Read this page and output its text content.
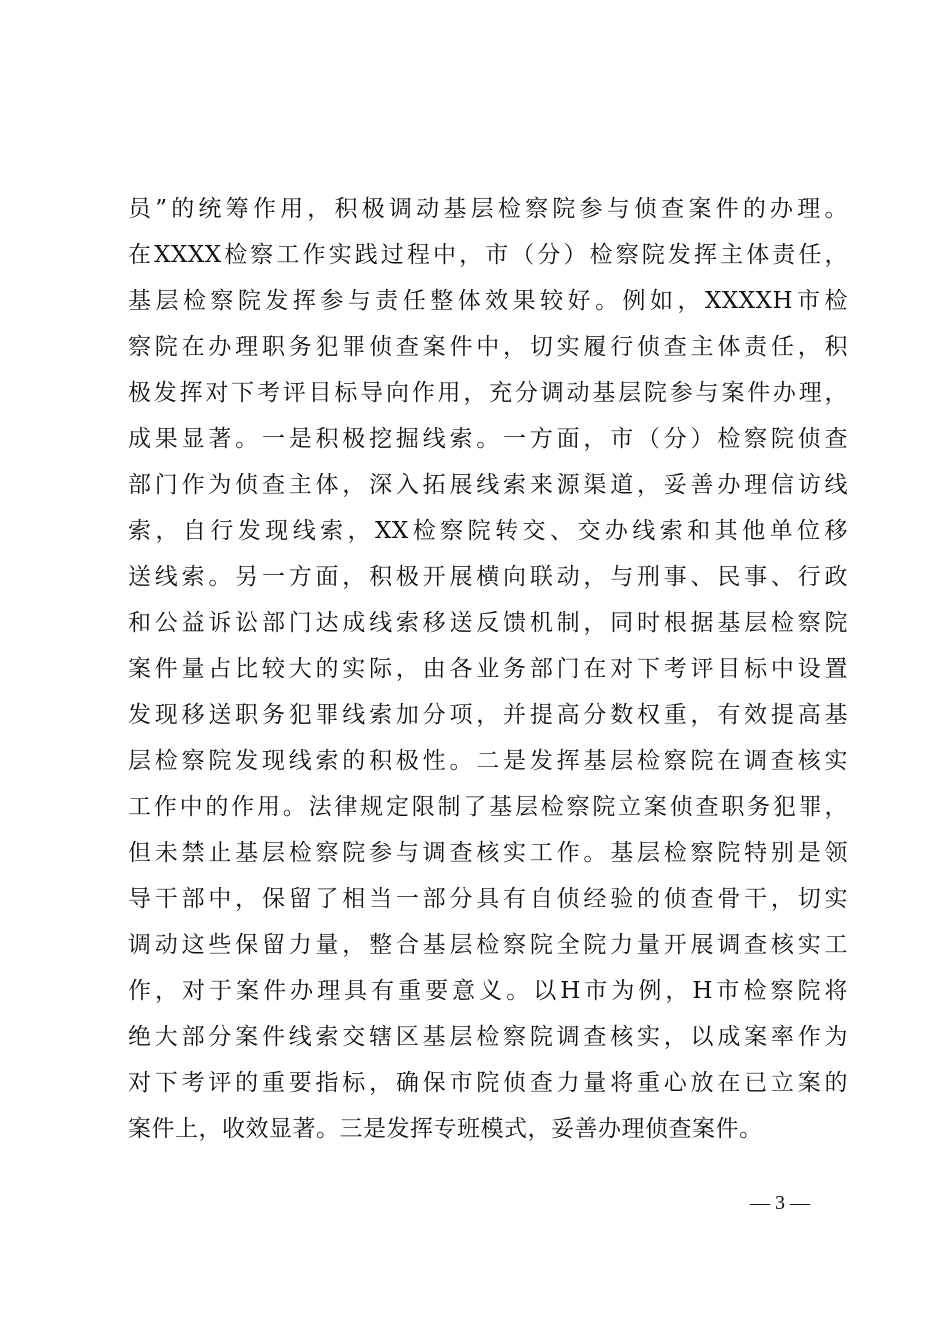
员”的统筹作用，积极调动基层检察院参与侦查案件的办理。
在XXXX检察工作实践过程中，市（分）检察院发挥主体责任，
基层检察院发挥参与责任整体效果较好。例如，XXXXH市检
察院在办理职务犯罪侦查案件中，切实履行侦查主体责任，积
极发挥对下考评目标导向作用，充分调动基层院参与案件办理，
成果显著。一是积极挖掘线索。一方面，市（分）检察院侦查
部门作为侦查主体，深入拓展线索来源渠道，妥善办理信访线
索，自行发现线索，XX检察院转交、交办线索和其他单位移
送线索。另一方面，积极开展横向联动，与刑事、民事、行政
和公益诉讼部门达成线索移送反馈机制，同时根据基层检察院
案件量占比较大的实际，由各业务部门在对下考评目标中设置
发现移送职务犯罪线索加分项，并提高分数权重，有效提高基
层检察院发现线索的积极性。二是发挥基层检察院在调查核实
工作中的作用。法律规定限制了基层检察院立案侦查职务犯罪，
但未禁止基层检察院参与调查核实工作。基层检察院特别是领
导干部中，保留了相当一部分具有自侦经验的侦查骨干，切实
调动这些保留力量，整合基层检察院全院力量开展调查核实工
作，对于案件办理具有重要意义。以H市为例，H市检察院将
绝大部分案件线索交辖区基层检察院调查核实，以成案率作为
对下考评的重要指标，确保市院侦查力量将重心放在已立案的
案件上，收效显著。三是发挥专班模式，妥善办理侦查案件。
— 3 —
